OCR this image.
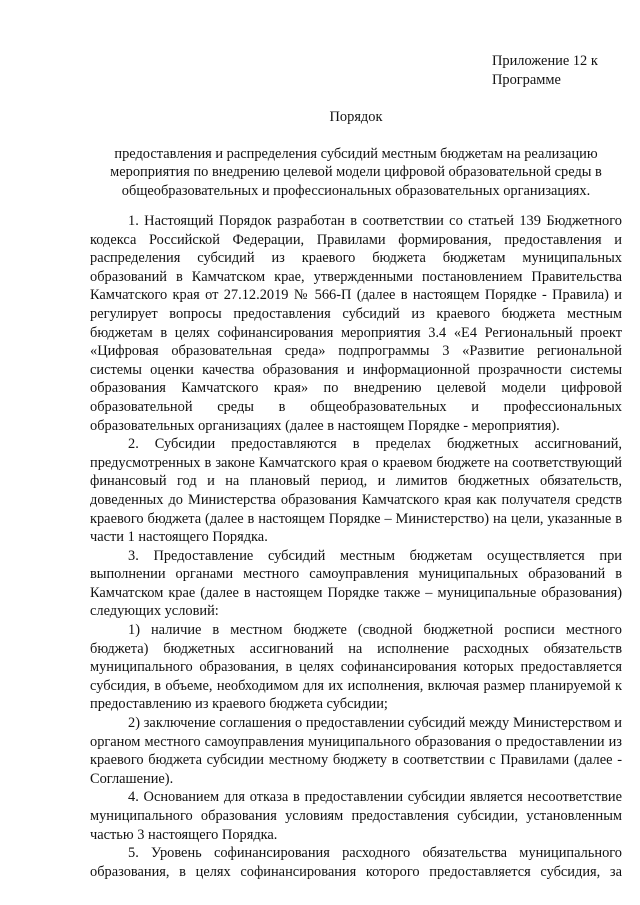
Приложение 12 к
Программе
Порядок
предоставления и распределения субсидий местным бюджетам на реализацию мероприятия по внедрению целевой модели цифровой образовательной среды в общеобразовательных и профессиональных образовательных организациях.

1. Настоящий Порядок разработан в соответствии со статьей 139 Бюджетного кодекса Российской Федерации, Правилами формирования, предоставления и распределения субсидий из краевого бюджета бюджетам муниципальных образований в Камчатском крае, утвержденными постановлением Правительства Камчатского края от 27.12.2019 № 566-П (далее в настоящем Порядке - Правила) и регулирует вопросы предоставления субсидий из краевого бюджета местным бюджетам в целях софинансирования мероприятия 3.4 «Е4 Региональный проект «Цифровая образовательная среда» подпрограммы 3 «Развитие региональной системы оценки качества образования и информационной прозрачности системы образования Камчатского края» по внедрению целевой модели цифровой образовательной среды в общеобразовательных и профессиональных образовательных организациях (далее в настоящем Порядке - мероприятия).

2. Субсидии предоставляются в пределах бюджетных ассигнований, предусмотренных в законе Камчатского края о краевом бюджете на соответствующий финансовый год и на плановый период, и лимитов бюджетных обязательств, доведенных до Министерства образования Камчатского края как получателя средств краевого бюджета (далее в настоящем Порядке – Министерство) на цели, указанные в части 1 настоящего Порядка.

3. Предоставление субсидий местным бюджетам осуществляется при выполнении органами местного самоуправления муниципальных образований в Камчатском крае (далее в настоящем Порядке также – муниципальные образования) следующих условий:

1) наличие в местном бюджете (сводной бюджетной росписи местного бюджета) бюджетных ассигнований на исполнение расходных обязательств муниципального образования, в целях софинансирования которых предоставляется субсидия, в объеме, необходимом для их исполнения, включая размер планируемой к предоставлению из краевого бюджета субсидии;

2) заключение соглашения о предоставлении субсидий между Министерством и органом местного самоуправления муниципального образования о предоставлении из краевого бюджета субсидии местному бюджету в соответствии с Правилами (далее - Соглашение).

4. Основанием для отказа в предоставлении субсидии является несоответствие муниципального образования условиям предоставления субсидии, установленным частью 3 настоящего Порядка.

5. Уровень софинансирования расходного обязательства муниципального образования, в целях софинансирования которого предоставляется субсидия, за
